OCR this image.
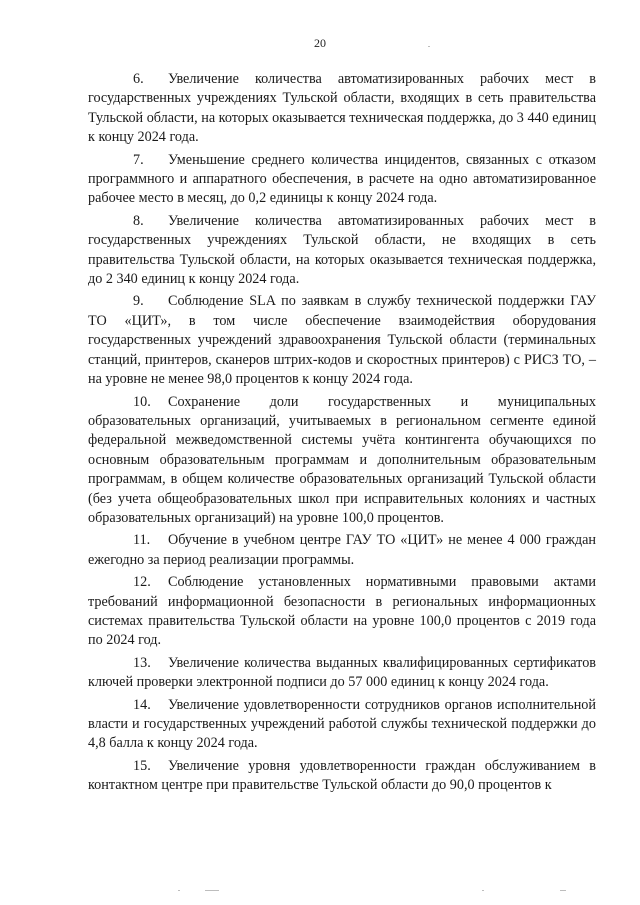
20

6. Увеличение количества автоматизированных рабочих мест в государственных учреждениях Тульской области, входящих в сеть правительства Тульской области, на которых оказывается техническая поддержка, до 3 440 единиц к концу 2024 года.

7. Уменьшение среднего количества инцидентов, связанных с отказом программного и аппаратного обеспечения, в расчете на одно автоматизированное рабочее место в месяц, до 0,2 единицы к концу 2024 года.

8. Увеличение количества автоматизированных рабочих мест в государственных учреждениях Тульской области, не входящих в сеть правительства Тульской области, на которых оказывается техническая поддержка, до 2 340 единиц к концу 2024 года.

9. Соблюдение SLA по заявкам в службу технической поддержки ГАУ ТО «ЦИТ», в том числе обеспечение взаимодействия оборудования государственных учреждений здравоохранения Тульской области (терминальных станций, принтеров, сканеров штрих-кодов и скоростных принтеров) с РИСЗ ТО, – на уровне не менее 98,0 процентов к концу 2024 года.

10. Сохранение доли государственных и муниципальных образовательных организаций, учитываемых в региональном сегменте единой федеральной межведомственной системы учёта контингента обучающихся по основным образовательным программам и дополнительным образовательным программам, в общем количестве образовательных организаций Тульской области (без учета общеобразовательных школ при исправительных колониях и частных образовательных организаций) на уровне 100,0 процентов.

11. Обучение в учебном центре ГАУ ТО «ЦИТ» не менее 4 000 граждан ежегодно за период реализации программы.

12. Соблюдение установленных нормативными правовыми актами требований информационной безопасности в региональных информационных системах правительства Тульской области на уровне 100,0 процентов с 2019 года по 2024 год.

13. Увеличение количества выданных квалифицированных сертификатов ключей проверки электронной подписи до 57 000 единиц к концу 2024 года.

14. Увеличение удовлетворенности сотрудников органов исполнительной власти и государственных учреждений работой службы технической поддержки до 4,8 балла к концу 2024 года.

15. Увеличение уровня удовлетворенности граждан обслуживанием в контактном центре при правительстве Тульской области до 90,0 процентов к
